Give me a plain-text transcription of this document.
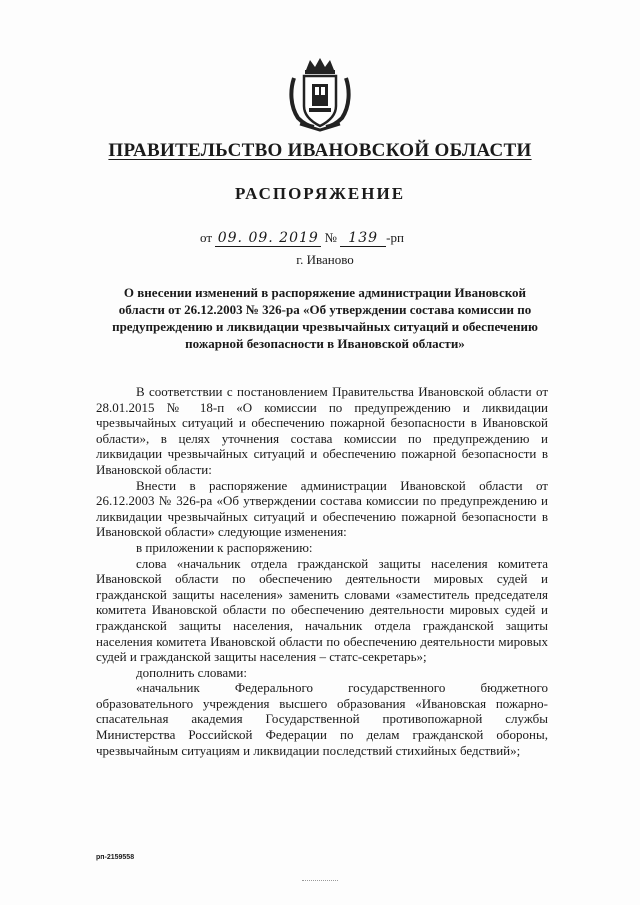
ПРАВИТЕЛЬСТВО ИВАНОВСКОЙ ОБЛАСТИ
РАСПОРЯЖЕНИЕ
от 09. 09. 2019 № 139 -рп
г. Иваново
О внесении изменений в распоряжение администрации Ивановской области от 26.12.2003 № 326-ра «Об утверждении состава комиссии по предупреждению и ликвидации чрезвычайных ситуаций и обеспечению пожарной безопасности в Ивановской области»

В соответствии с постановлением Правительства Ивановской области от 28.01.2015 № 18-п «О комиссии по предупреждению и ликвидации чрезвычайных ситуаций и обеспечению пожарной безопасности в Ивановской области», в целях уточнения состава комиссии по предупреждению и ликвидации чрезвычайных ситуаций и обеспечению пожарной безопасности в Ивановской области:

Внести в распоряжение администрации Ивановской области от 26.12.2003 № 326-ра «Об утверждении состава комиссии по предупреждению и ликвидации чрезвычайных ситуаций и обеспечению пожарной безопасности в Ивановской области» следующие изменения:

в приложении к распоряжению:

слова «начальник отдела гражданской защиты населения комитета Ивановской области по обеспечению деятельности мировых судей и гражданской защиты населения» заменить словами «заместитель председателя комитета Ивановской области по обеспечению деятельности мировых судей и гражданской защиты населения, начальник отдела гражданской защиты населения комитета Ивановской области по обеспечению деятельности мировых судей и гражданской защиты населения – статс-секретарь»;

дополнить словами:

«начальник Федерального государственного бюджетного образовательного учреждения высшего образования «Ивановская пожарно-спасательная академия Государственной противопожарной службы Министерства Российской Федерации по делам гражданской обороны, чрезвычайным ситуациям и ликвидации последствий стихийных бедствий»;

рп-2159558
